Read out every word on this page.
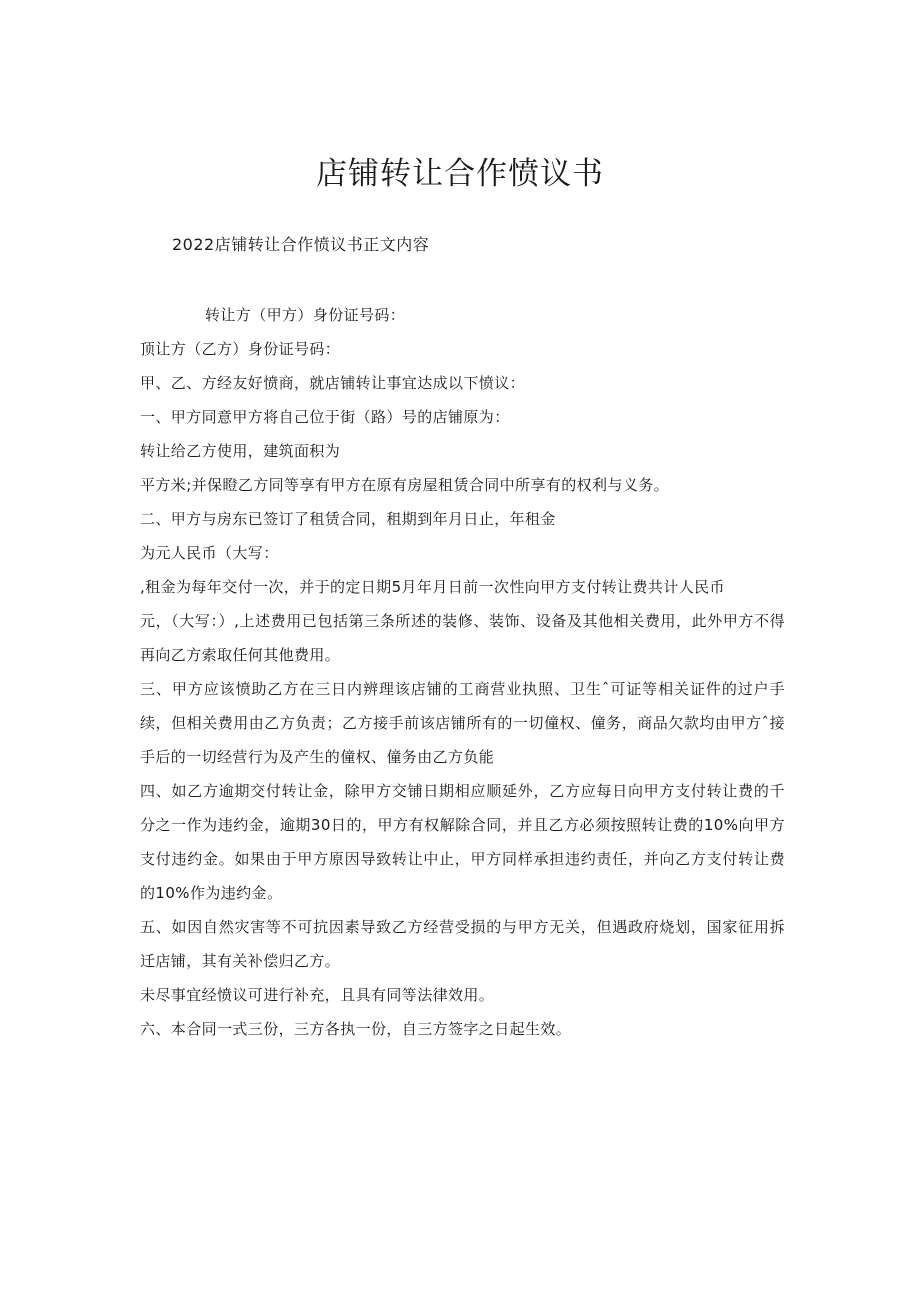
店铺转让合作愤议书
2022店铺转让合作愤议书正文内容

转让方（甲方）身份证号码：

顶让方（乙方）身份证号码：

甲、乙、方经友好愤商，就店铺转让事宜达成以下愤议：

一、甲方同意甲方将自己位于街（路）号的店铺原为：

转让给乙方使用，建筑面积为

平方米;并保瞪乙方同等享有甲方在原有房屋租赁合同中所享有的权利与义务。

二、甲方与房东已签订了租赁合同，租期到年月日止，年租金

为元人民币（大写：

,租金为每年交付一次，并于的定日期5月年月日前一次性向甲方支付转让费共计人民币

元，（大写：）,上述费用已包括第三条所述的装修、装饰、设备及其他相关费用，此外甲方不得再向乙方索取任何其他费用。

三、甲方应该愤助乙方在三日内辨理该店铺的工商营业执照、卫生ˆ可证等相关证件的过户手续，但相关费用由乙方负责；乙方接手前该店铺所有的一切僮权、僮务，商品欠款均由甲方ˆ接手后的一切经营行为及产生的僮权、僮务由乙方负能

四、如乙方逾期交付转让金，除甲方交铺日期相应顺延外，乙方应每日向甲方支付转让费的千分之一作为违约金，逾期30日的，甲方有权解除合同，并且乙方必须按照转让费的10%向甲方支付违约金。如果由于甲方原因导致转让中止，甲方同样承担违约责任，并向乙方支付转让费的10%作为违约金。

五、如因自然灾害等不可抗因素导致乙方经营受损的与甲方无关，但遇政府烧划，国家征用拆迁店铺，其有关补偿归乙方。

未尽事宜经愤议可进行补充，且具有同等法律效用。

六、本合同一式三份，三方各执一份，自三方签字之日起生效。
